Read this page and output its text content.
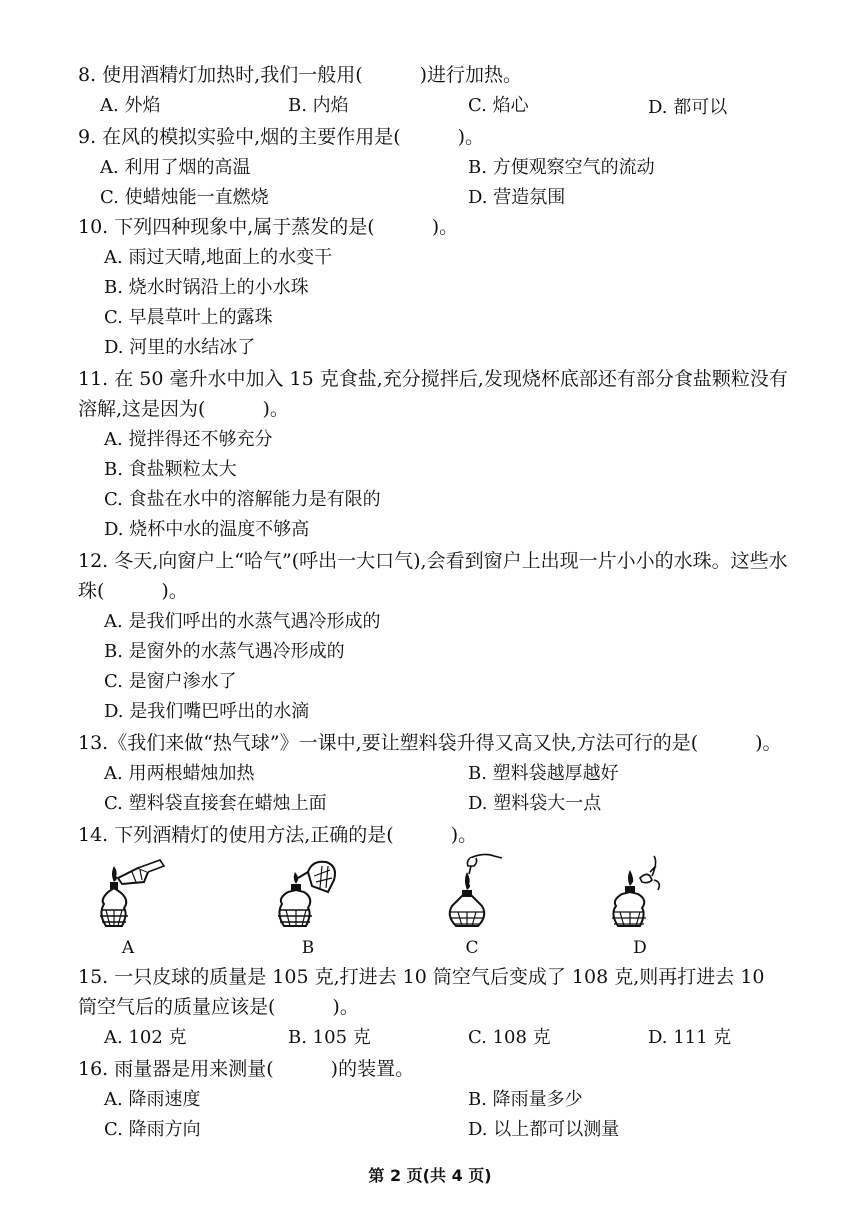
8. 使用酒精灯加热时,我们一般用(　　　)进行加热。
A. 外焰	B. 内焰	C. 焰心	D. 都可以
9. 在风的模拟实验中,烟的主要作用是(　　　)。
A. 利用了烟的高温	B. 方便观察空气的流动
C. 使蜡烛能一直燃烧	D. 营造氛围
10. 下列四种现象中,属于蒸发的是(　　　)。
A. 雨过天晴,地面上的水变干
B. 烧水时锅沿上的小水珠
C. 早晨草叶上的露珠
D. 河里的水结冰了
11. 在 50 毫升水中加入 15 克食盐,充分搅拌后,发现烧杯底部还有部分食盐颗粒没有溶解,这是因为(　　　)。
A. 搅拌得还不够充分
B. 食盐颗粒太大
C. 食盐在水中的溶解能力是有限的
D. 烧杯中水的温度不够高
12. 冬天,向窗户上“哈气”(呼出一大口气),会看到窗户上出现一片小小的水珠。这些水珠(　　　)。
A. 是我们呼出的水蒸气遇冷形成的
B. 是窗外的水蒸气遇冷形成的
C. 是窗户渗水了
D. 是我们嘴巴呼出的水滴
13.《我们来做“热气球”》一课中,要让塑料袋升得又高又快,方法可行的是(　　　)。
A. 用两根蜡烛加热	B. 塑料袋越厚越好
C. 塑料袋直接套在蜡烛上面	D. 塑料袋大一点
14. 下列酒精灯的使用方法,正确的是(　　　)。
A	B	C	D
15. 一只皮球的质量是 105 克,打进去 10 筒空气后变成了 108 克,则再打进去 10 筒空气后的质量应该是(　　　)。
A. 102 克	B. 105 克	C. 108 克	D. 111 克
16. 雨量器是用来测量(　　　)的装置。
A. 降雨速度	B. 降雨量多少
C. 降雨方向	D. 以上都可以测量
第 2 页(共 4 页)
